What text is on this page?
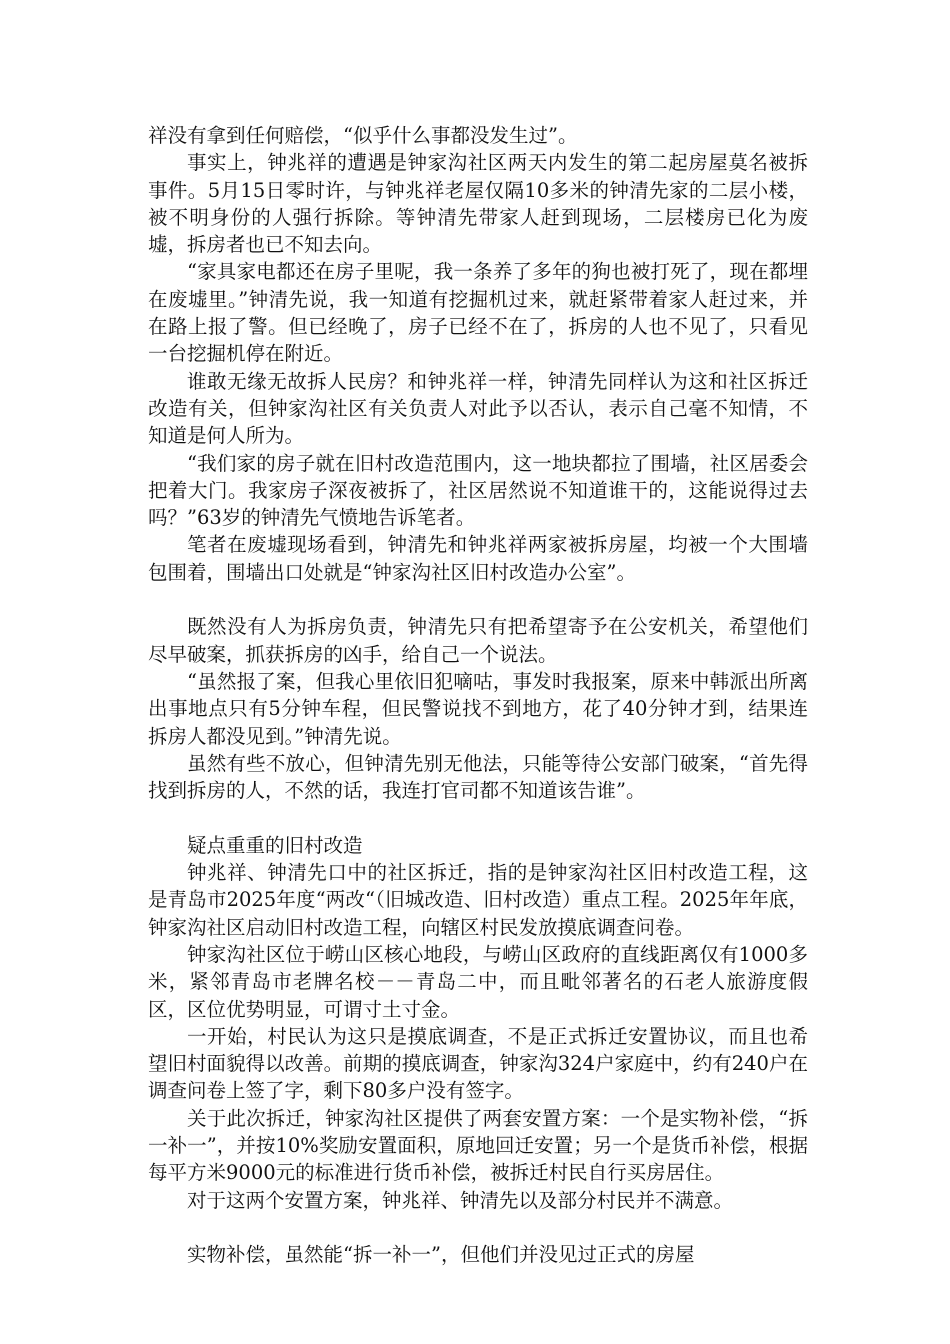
祥没有拿到任何赔偿，“似乎什么事都没发生过”。

事实上，钟兆祥的遭遇是钟家沟社区两天内发生的第二起房屋莫名被拆事件。5月15日零时许，与钟兆祥老屋仅隔10多米的钟清先家的二层小楼，被不明身份的人强行拆除。等钟清先带家人赶到现场，二层楼房已化为废墟，拆房者也已不知去向。

“家具家电都还在房子里呢，我一条养了多年的狗也被打死了，现在都埋在废墟里。”钟清先说，我一知道有挖掘机过来，就赶紧带着家人赶过来，并在路上报了警。但已经晚了，房子已经不在了，拆房的人也不见了，只看见一台挖掘机停在附近。

谁敢无缘无故拆人民房？和钟兆祥一样，钟清先同样认为这和社区拆迁改造有关，但钟家沟社区有关负责人对此予以否认，表示自己毫不知情，不知道是何人所为。

“我们家的房子就在旧村改造范围内，这一地块都拉了围墙，社区居委会把着大门。我家房子深夜被拆了，社区居然说不知道谁干的，这能说得过去吗？”63岁的钟清先气愤地告诉笔者。

笔者在废墟现场看到，钟清先和钟兆祥两家被拆房屋，均被一个大围墙包围着，围墙出口处就是“钟家沟社区旧村改造办公室”。

既然没有人为拆房负责，钟清先只有把希望寄予在公安机关，希望他们尽早破案，抓获拆房的凶手，给自己一个说法。

“虽然报了案，但我心里依旧犯嘀咕，事发时我报案，原来中韩派出所离出事地点只有5分钟车程，但民警说找不到地方，花了40分钟才到，结果连拆房人都没见到。”钟清先说。

虽然有些不放心，但钟清先别无他法，只能等待公安部门破案，“首先得找到拆房的人，不然的话，我连打官司都不知道该告谁”。

疑点重重的旧村改造

钟兆祥、钟清先口中的社区拆迁，指的是钟家沟社区旧村改造工程，这是青岛市2025年度“两改“（旧城改造、旧村改造）重点工程。2025年年底，钟家沟社区启动旧村改造工程，向辖区村民发放摸底调查问卷。

钟家沟社区位于崂山区核心地段，与崂山区政府的直线距离仅有1000多米，紧邻青岛市老牌名校－－青岛二中，而且毗邻著名的石老人旅游度假区，区位优势明显，可谓寸土寸金。

一开始，村民认为这只是摸底调查，不是正式拆迁安置协议，而且也希望旧村面貌得以改善。前期的摸底调查，钟家沟324户家庭中，约有240户在调查问卷上签了字，剩下80多户没有签字。

关于此次拆迁，钟家沟社区提供了两套安置方案：一个是实物补偿，“拆一补一”，并按10%奖励安置面积，原地回迁安置；另一个是货币补偿，根据每平方米9000元的标准进行货币补偿，被拆迁村民自行买房居住。

对于这两个安置方案，钟兆祥、钟清先以及部分村民并不满意。

实物补偿，虽然能“拆一补一”，但他们并没见过正式的房屋
